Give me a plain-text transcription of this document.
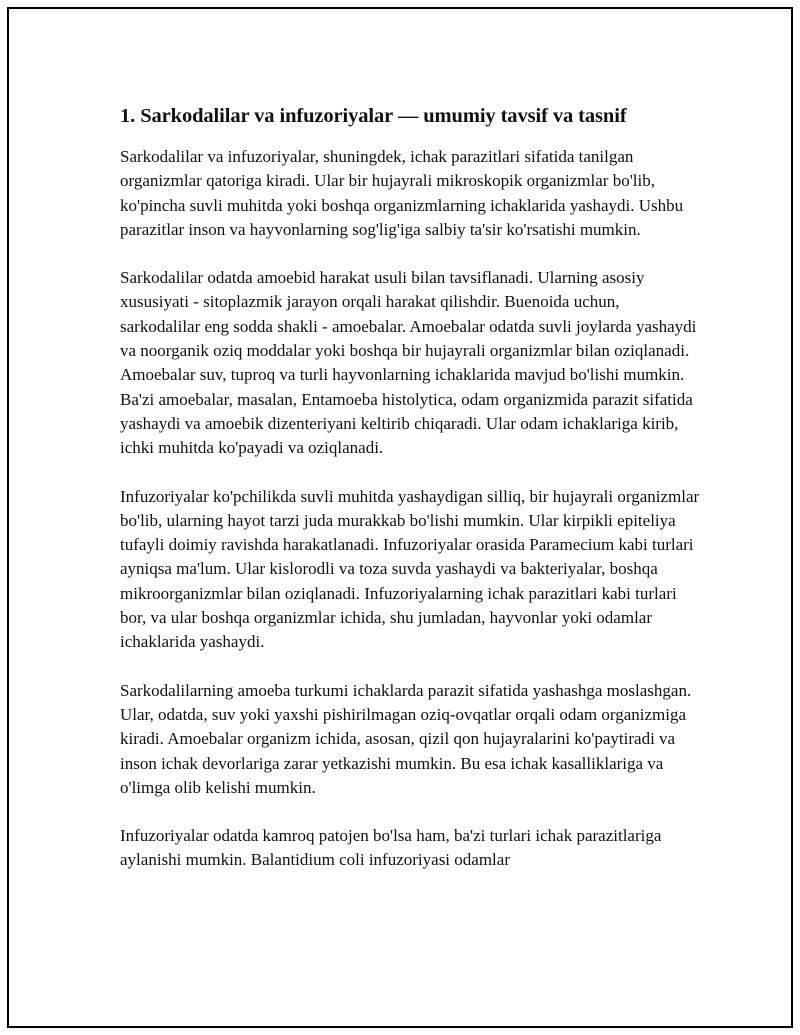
1. Sarkodalilar va infuzoriyalar — umumiy tavsif va tasnif

Sarkodalilar va infuzoriyalar, shuningdek, ichak parazitlari sifatida tanilgan organizmlar qatoriga kiradi. Ular bir hujayrali mikroskopik organizmlar bo'lib, ko'pincha suvli muhitda yoki boshqa organizmlarning ichaklarida yashaydi. Ushbu parazitlar inson va hayvonlarning sog'lig'iga salbiy ta'sir ko'rsatishi mumkin.

Sarkodalilar odatda amoebid harakat usuli bilan tavsiflanadi. Ularning asosiy xususiyati - sitoplazmik jarayon orqali harakat qilishdir. Buenoida uchun, sarkodalilar eng sodda shakli - amoebalar. Amoebalar odatda suvli joylarda yashaydi va noorganik oziq moddalar yoki boshqa bir hujayrali organizmlar bilan oziqlanadi. Amoebalar suv, tuproq va turli hayvonlarning ichaklarida mavjud bo'lishi mumkin. Ba'zi amoebalar, masalan, Entamoeba histolytica, odam organizmida parazit sifatida yashaydi va amoebik dizenteriyani keltirib chiqaradi. Ular odam ichaklariga kirib, ichki muhitda ko'payadi va oziqlanadi.

Infuzoriyalar ko'pchilikda suvli muhitda yashaydigan silliq, bir hujayrali organizmlar bo'lib, ularning hayot tarzi juda murakkab bo'lishi mumkin. Ular kirpikli epiteliya tufayli doimiy ravishda harakatlanadi. Infuzoriyalar orasida Paramecium kabi turlari ayniqsa ma'lum. Ular kislorodli va toza suvda yashaydi va bakteriyalar, boshqa mikroorganizmlar bilan oziqlanadi. Infuzoriyalarning ichak parazitlari kabi turlari bor, va ular boshqa organizmlar ichida, shu jumladan, hayvonlar yoki odamlar ichaklarida yashaydi.

Sarkodalilarning amoeba turkumi ichaklarda parazit sifatida yashashga moslashgan. Ular, odatda, suv yoki yaxshi pishirilmagan oziq-ovqatlar orqali odam organizmiga kiradi. Amoebalar organizm ichida, asosan, qizil qon hujayralarini ko'paytiradi va inson ichak devorlariga zarar yetkazishi mumkin. Bu esa ichak kasalliklariga va o'limga olib kelishi mumkin.

Infuzoriyalar odatda kamroq patojen bo'lsa ham, ba'zi turlari ichak parazitlariga aylanishi mumkin. Balantidium coli infuzoriyasi odamlar
